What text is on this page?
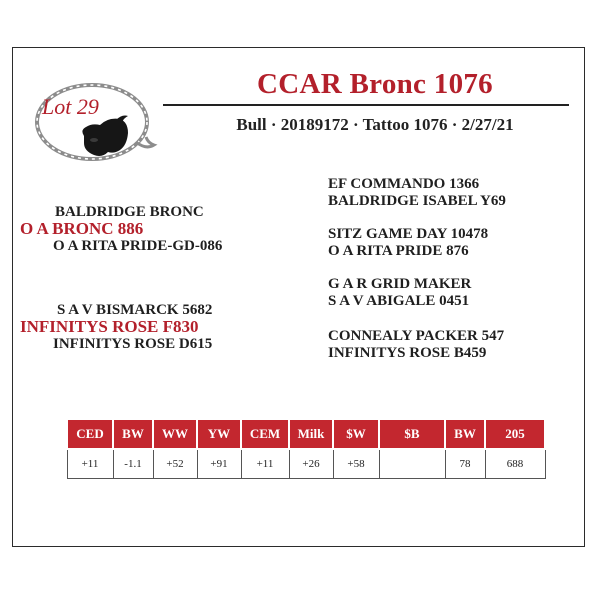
Lot 29
CCAR Bronc 1076
Bull · 20189172 · Tattoo 1076 · 2/27/21
BALDRIDGE BRONC
O A BRONC 886
O A RITA PRIDE-GD-086
S A V BISMARCK 5682
INFINITYS ROSE F830
INFINITYS ROSE D615
EF COMMANDO 1366
BALDRIDGE ISABEL Y69
SITZ GAME DAY 10478
O A RITA PRIDE 876
G A R GRID MAKER
S A V ABIGALE 0451
CONNEALY PACKER 547
INFINITYS ROSE B459
CED	BW	WW	YW	CEM	Milk	$W	$B	BW	205
+11	-1.1	+52	+91	+11	+26	+58		78	688
